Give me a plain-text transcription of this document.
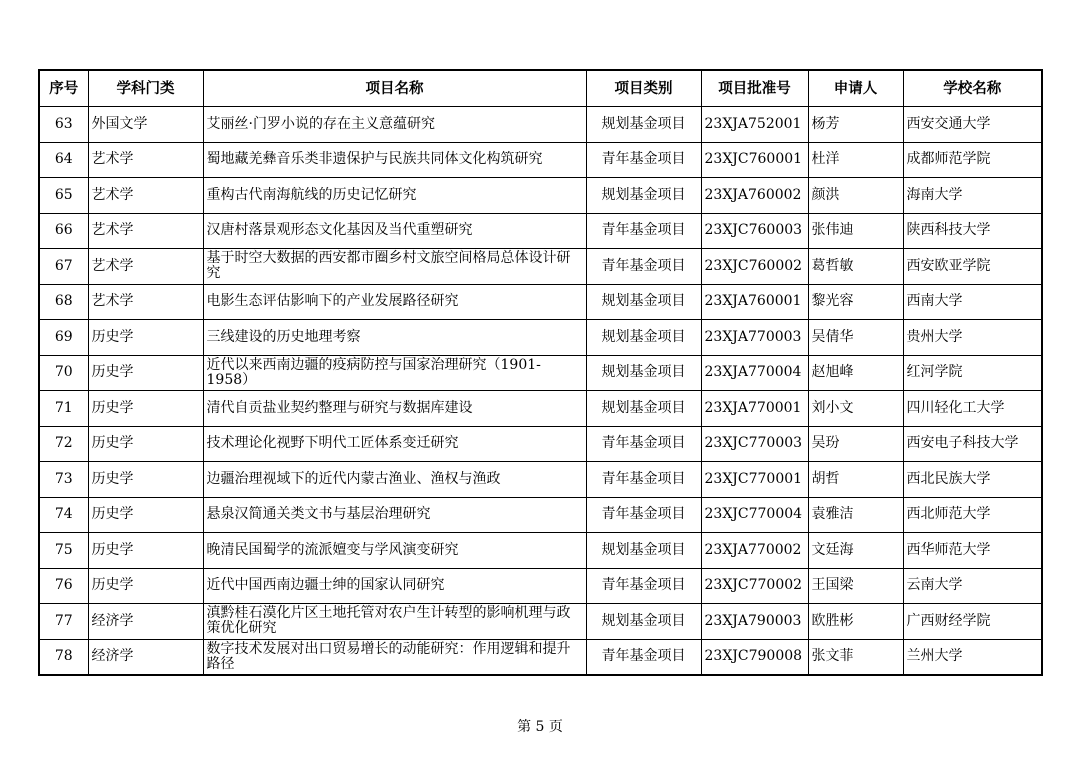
序号	学科门类	项目名称	项目类别	项目批准号	申请人	学校名称
63	外国文学	艾丽丝·门罗小说的存在主义意蕴研究	规划基金项目	23XJA752001	杨芳	西安交通大学
64	艺术学	蜀地藏羌彝音乐类非遗保护与民族共同体文化构筑研究	青年基金项目	23XJC760001	杜洋	成都师范学院
65	艺术学	重构古代南海航线的历史记忆研究	规划基金项目	23XJA760002	颜洪	海南大学
66	艺术学	汉唐村落景观形态文化基因及当代重塑研究	青年基金项目	23XJC760003	张伟迪	陕西科技大学
67	艺术学	基于时空大数据的西安都市圈乡村文旅空间格局总体设计研究	青年基金项目	23XJC760002	葛哲敏	西安欧亚学院
68	艺术学	电影生态评估影响下的产业发展路径研究	规划基金项目	23XJA760001	黎光容	西南大学
69	历史学	三线建设的历史地理考察	规划基金项目	23XJA770003	吴倩华	贵州大学
70	历史学	近代以来西南边疆的疫病防控与国家治理研究（1901-1958）	规划基金项目	23XJA770004	赵旭峰	红河学院
71	历史学	清代自贡盐业契约整理与研究与数据库建设	规划基金项目	23XJA770001	刘小文	四川轻化工大学
72	历史学	技术理论化视野下明代工匠体系变迁研究	青年基金项目	23XJC770003	吴玢	西安电子科技大学
73	历史学	边疆治理视域下的近代内蒙古渔业、渔权与渔政	青年基金项目	23XJC770001	胡哲	西北民族大学
74	历史学	悬泉汉简通关类文书与基层治理研究	青年基金项目	23XJC770004	袁雅洁	西北师范大学
75	历史学	晚清民国蜀学的流派嬗变与学风演变研究	规划基金项目	23XJA770002	文廷海	西华师范大学
76	历史学	近代中国西南边疆士绅的国家认同研究	青年基金项目	23XJC770002	王国梁	云南大学
77	经济学	滇黔桂石漠化片区土地托管对农户生计转型的影响机理与政策优化研究	规划基金项目	23XJA790003	欧胜彬	广西财经学院
78	经济学	数字技术发展对出口贸易增长的动能研究：作用逻辑和提升路径	青年基金项目	23XJC790008	张文菲	兰州大学
第 5 页
